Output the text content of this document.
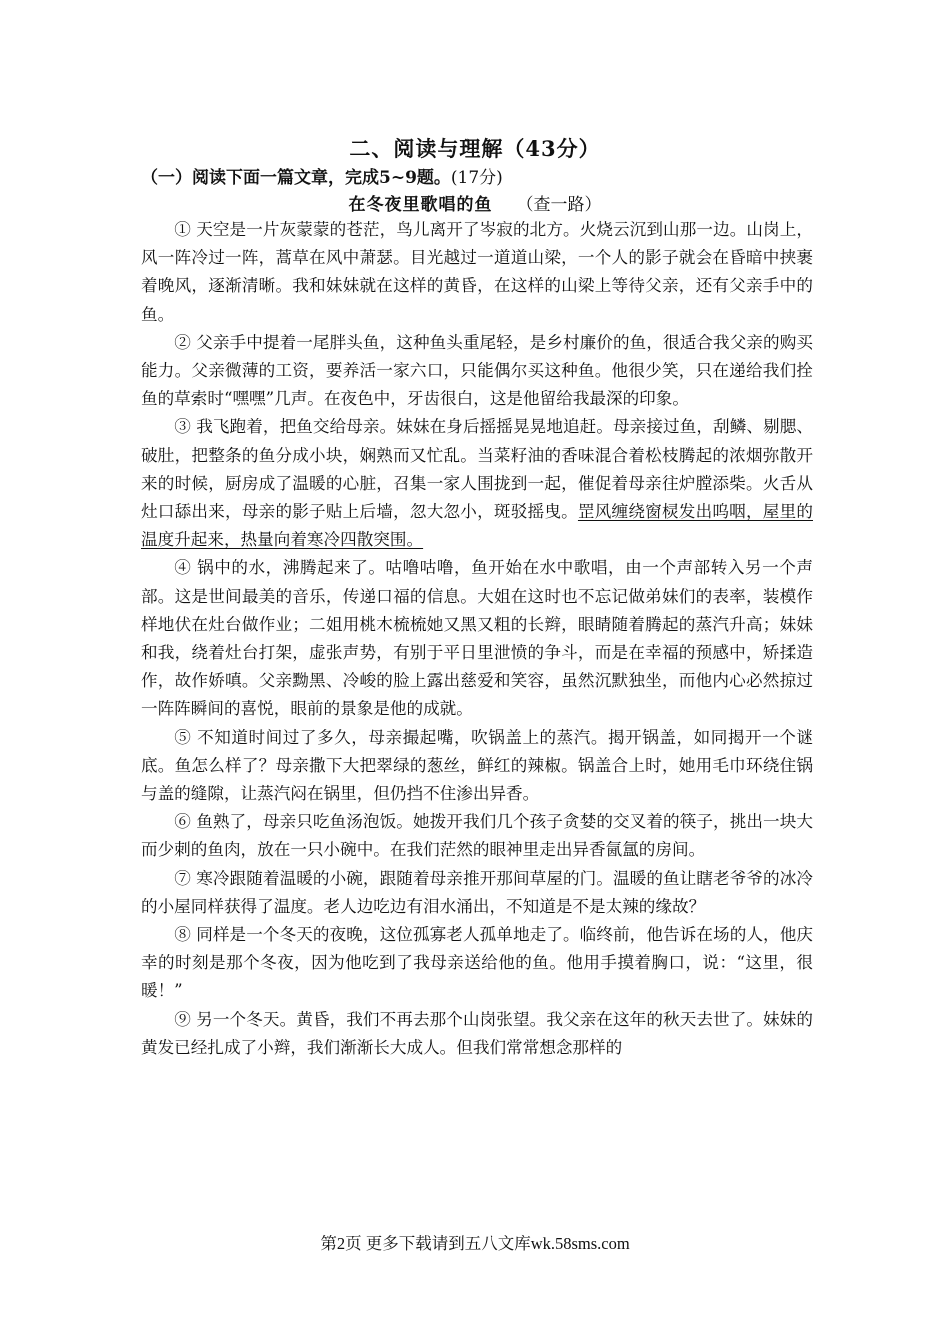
二、阅读与理解（43分）
（一）阅读下面一篇文章，完成5~9题。(17分)
在冬夜里歌唱的鱼 （查一路）

① 天空是一片灰蒙蒙的苍茫，鸟儿离开了岑寂的北方。火烧云沉到山那一边。山岗上，风一阵冷过一阵，蒿草在风中萧瑟。目光越过一道道山梁，一个人的影子就会在昏暗中挟裹着晚风，逐渐清晰。我和妹妹就在这样的黄昏，在这样的山梁上等待父亲，还有父亲手中的鱼。

② 父亲手中提着一尾胖头鱼，这种鱼头重尾轻，是乡村廉价的鱼，很适合我父亲的购买能力。父亲微薄的工资，要养活一家六口，只能偶尔买这种鱼。他很少笑，只在递给我们拴鱼的草索时“嘿嘿”几声。在夜色中，牙齿很白，这是他留给我最深的印象。

③ 我飞跑着，把鱼交给母亲。妹妹在身后摇摇晃晃地追赶。母亲接过鱼，刮鳞、剔腮、破肚，把整条的鱼分成小块，娴熟而又忙乱。当菜籽油的香味混合着松枝腾起的浓烟弥散开来的时候，厨房成了温暖的心脏，召集一家人围拢到一起，催促着母亲往炉膛添柴。火舌从灶口舔出来，母亲的影子贴上后墙，忽大忽小，斑驳摇曳。罡风缠绕窗棂发出呜咽，屋里的温度升起来，热量向着寒冷四散突围。

④ 锅中的水，沸腾起来了。咕噜咕噜，鱼开始在水中歌唱，由一个声部转入另一个声部。这是世间最美的音乐，传递口福的信息。大姐在这时也不忘记做弟妹们的表率，装模作样地伏在灶台做作业；二姐用桃木梳梳她又黑又粗的长辫，眼睛随着腾起的蒸汽升高；妹妹和我，绕着灶台打架，虚张声势，有别于平日里泄愤的争斗，而是在幸福的预感中，矫揉造作，故作娇嗔。父亲黝黑、冷峻的脸上露出慈爱和笑容，虽然沉默独坐，而他内心必然掠过一阵阵瞬间的喜悦，眼前的景象是他的成就。

⑤ 不知道时间过了多久，母亲撮起嘴，吹锅盖上的蒸汽。揭开锅盖，如同揭开一个谜底。鱼怎么样了？母亲撒下大把翠绿的葱丝，鲜红的辣椒。锅盖合上时，她用毛巾环绕住锅与盖的缝隙，让蒸汽闷在锅里，但仍挡不住渗出异香。

⑥ 鱼熟了，母亲只吃鱼汤泡饭。她拨开我们几个孩子贪婪的交叉着的筷子，挑出一块大而少刺的鱼肉，放在一只小碗中。在我们茫然的眼神里走出异香氤氲的房间。

⑦ 寒冷跟随着温暖的小碗，跟随着母亲推开那间草屋的门。温暖的鱼让瞎老爷爷的冰冷的小屋同样获得了温度。老人边吃边有泪水涌出，不知道是不是太辣的缘故？

⑧ 同样是一个冬天的夜晚，这位孤寡老人孤单地走了。临终前，他告诉在场的人，他庆幸的时刻是那个冬夜，因为他吃到了我母亲送给他的鱼。他用手摸着胸口，说：“这里，很暖！”

⑨ 另一个冬天。黄昏，我们不再去那个山岗张望。我父亲在这年的秋天去世了。妹妹的黄发已经扎成了小辫，我们渐渐长大成人。但我们常常想念那样的

第2页 更多下载请到五八文库wk.58sms.com
